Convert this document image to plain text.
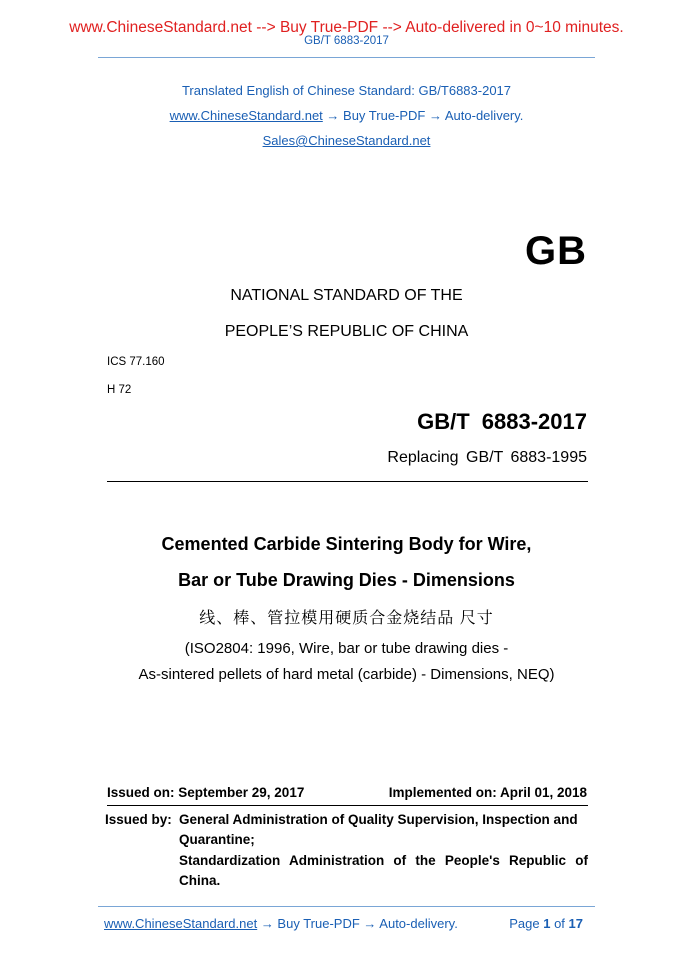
www.ChineseStandard.net --> Buy True-PDF --> Auto-delivered in 0~10 minutes.
GB/T 6883-2017
Translated English of Chinese Standard: GB/T6883-2017
www.ChineseStandard.net → Buy True-PDF → Auto-delivery.
Sales@ChineseStandard.net
GB
NATIONAL STANDARD OF THE
PEOPLE’S REPUBLIC OF CHINA
ICS 77.160
H 72
GB/T 6883-2017
Replacing GB/T 6883-1995
Cemented Carbide Sintering Body for Wire,
Bar or Tube Drawing Dies - Dimensions
线、棒、管拉模用硬质合金烧结品 尺寸
(ISO2804: 1996, Wire, bar or tube drawing dies -
As-sintered pellets of hard metal (carbide) - Dimensions, NEQ)
Issued on: September 29, 2017	Implemented on: April 01, 2018
Issued by: General Administration of Quality Supervision, Inspection and
Quarantine;
Standardization Administration of the People's Republic of
China.
www.ChineseStandard.net → Buy True-PDF → Auto-delivery.	Page 1 of 17
